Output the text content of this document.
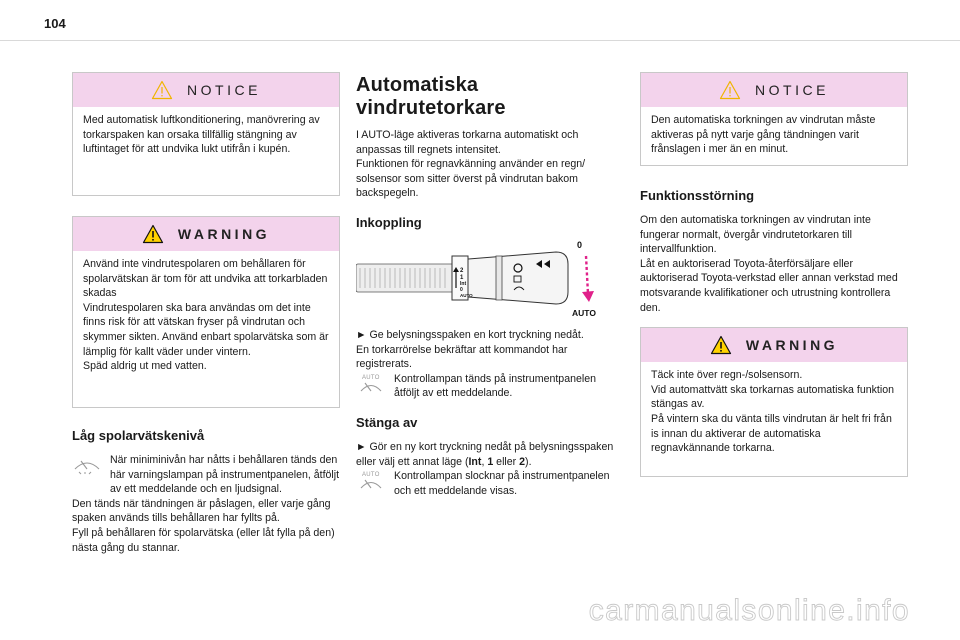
104
NOTICE
Med automatisk luftkonditionering, manövrering av torkarspaken kan orsaka tillfällig stängning av luftintaget för att undvika lukt utifrån i kupén.
WARNING
Använd inte vindrutespolaren om behållaren för spolarvätskan är tom för att undvika att torkarbladen skadas
Vindrutespolaren ska bara användas om det inte finns risk för att vätskan fryser på vindrutan och skymmer sikten. Använd enbart spolarvätska som är lämplig för kallt väder under vintern.
Späd aldrig ut med vatten.
Låg spolarvätskenivå
När miniminivån har nåtts i behållaren tänds den här varningslampan på instrumentpanelen, åtföljt av ett meddelande och en ljudsignal.
Den tänds när tändningen är påslagen, eller varje gång spaken används tills behållaren har fyllts på.
Fyll på behållaren för spolarvätska (eller låt fylla på den) nästa gång du stannar.
Automatiska vindrutetorkare
I AUTO-läge aktiveras torkarna automatiskt och anpassas till regnets intensitet.
Funktionen för regnavkänning använder en regn/ solsensor som sitter överst på vindrutan bakom backspegeln.
Inkoppling
2
1
Int
0
AUTO
0
AUTO
► Ge belysningsspaken en kort tryckning nedåt.
En torkarrörelse bekräftar att kommandot har registrerats.
AUTO	Kontrollampan tänds på instrumentpanelen åtföljt av ett meddelande.
Stänga av
► Gör en ny kort tryckning nedåt på belysningsspaken eller välj ett annat läge (Int, 1 eller 2).
AUTO	Kontrollampan slocknar på instrumentpanelen och ett meddelande visas.
NOTICE
Den automatiska torkningen av vindrutan måste aktiveras på nytt varje gång tändningen varit frånslagen i mer än en minut.
Funktionsstörning
Om den automatiska torkningen av vindrutan inte fungerar normalt, övergår vindrutetorkaren till intervallfunktion.
Låt en auktoriserad Toyota-återförsäljare eller auktoriserad Toyota-verkstad eller annan verkstad med motsvarande kvalifikationer och utrustning kontrollera den.
WARNING
Täck inte över regn-/solsensorn.
Vid automattvätt ska torkarnas automatiska funktion stängas av.
På vintern ska du vänta tills vindrutan är helt fri från is innan du aktiverar de automatiska regnavkännande torkarna.
carmanualsonline.info
